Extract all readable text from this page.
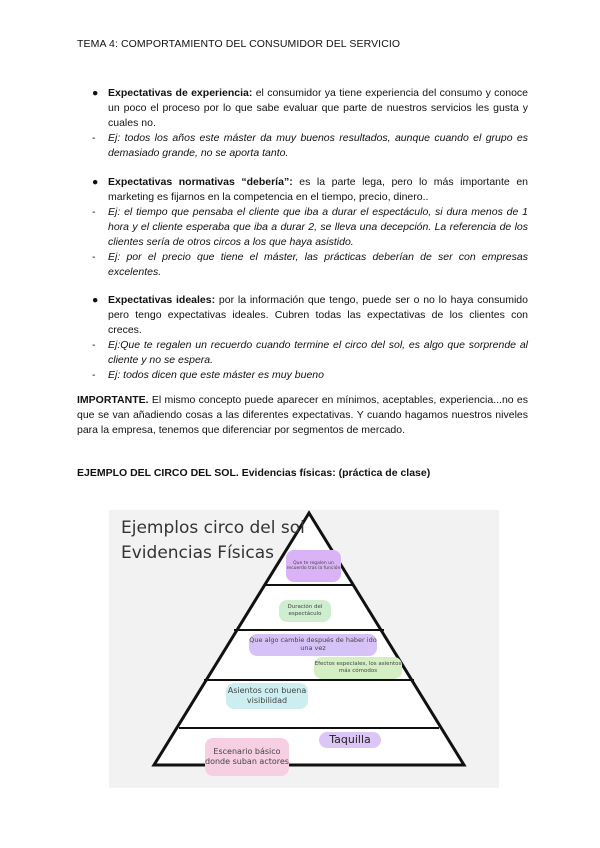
TEMA 4: COMPORTAMIENTO DEL CONSUMIDOR DEL SERVICIO
● Expectativas de experiencia: el consumidor ya tiene experiencia del consumo y conoce un poco el proceso por lo que sabe evaluar que parte de nuestros servicios les gusta y cuales no.
- Ej: todos los años este máster da muy buenos resultados, aunque cuando el grupo es demasiado grande, no se aporta tanto.
● Expectativas normativas “debería”: es la parte lega, pero lo más importante en marketing es fijarnos en la competencia en el tiempo, precio, dinero..
- Ej: el tiempo que pensaba el cliente que iba a durar el espectáculo, si dura menos de 1 hora y el cliente esperaba que iba a durar 2, se lleva una decepción. La referencia de los clientes sería de otros circos a los que haya asistido.
- Ej: por el precio que tiene el máster, las prácticas deberían de ser con empresas excelentes.
● Expectativas ideales: por la información que tengo, puede ser o no lo haya consumido pero tengo expectativas ideales. Cubren todas las expectativas de los clientes con creces.
- Ej:Que te regalen un recuerdo cuando termine el circo del sol, es algo que sorprende al cliente y no se espera.
- Ej: todos dicen que este máster es muy bueno
IMPORTANTE. El mismo concepto puede aparecer en mínimos, aceptables, experiencia...no es que se van añadiendo cosas a las diferentes expectativas. Y cuando hagamos nuestros niveles para la empresa, tenemos que diferenciar por segmentos de mercado.
EJEMPLO DEL CIRCO DEL SOL. Evidencias físicas: (práctica de clase)
Ejemplos circo del sol
Evidencias Físicas
Que te regalen un recuerdo tras la función
Duración del espectáculo
Que algo cambie después de haber ido una vez
Efectos especiales, los asientos más cómodos
Asientos con buena visibilidad
Taquilla
Escenario básico donde suban actores
